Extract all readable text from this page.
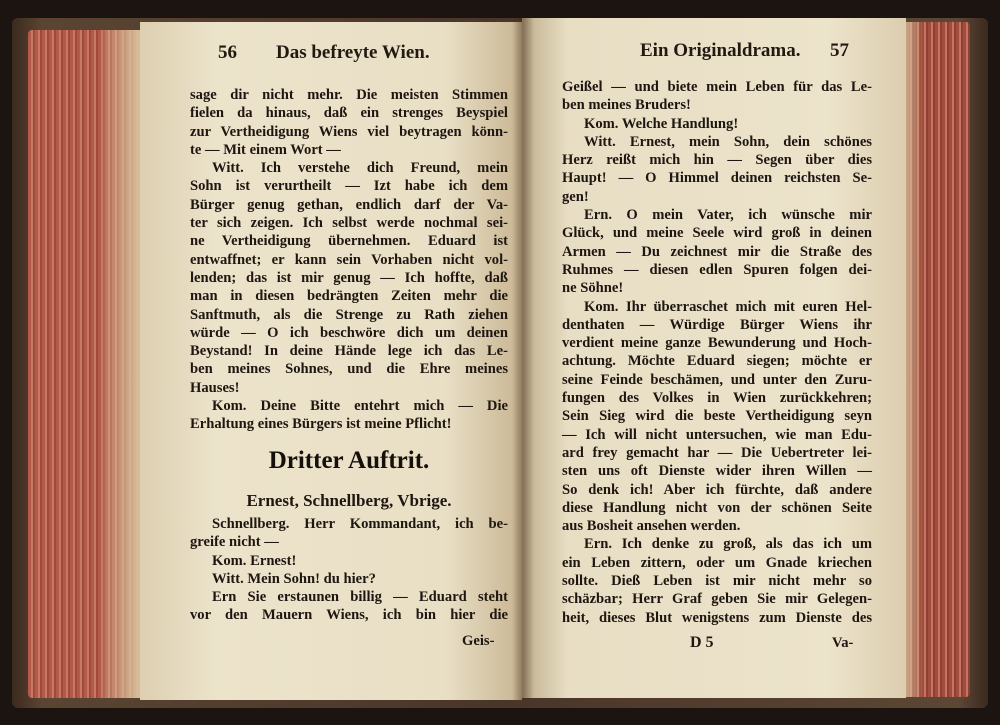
56 Das befreyte Wien.	Ein Originaldrama. 57
sage dir nicht mehr. Die meisten Stimmen
fielen da hinaus, daß ein strenges Beyspiel
zur Vertheidigung Wiens viel beytragen könn-
te — Mit einem Wort —
Witt. Ich verstehe dich Freund, mein
Sohn ist verurtheilt — Izt habe ich dem
Bürger genug gethan, endlich darf der Va-
ter sich zeigen. Ich selbst werde nochmal sei-
ne Vertheidigung übernehmen. Eduard ist
entwaffnet; er kann sein Vorhaben nicht vol-
lenden; das ist mir genug — Ich hoffte, daß
man in diesen bedrängten Zeiten mehr die
Sanftmuth, als die Strenge zu Rath ziehen
würde — O ich beschwöre dich um deinen
Beystand! In deine Hände lege ich das Le-
ben meines Sohnes, und die Ehre meines
Hauses!
Kom. Deine Bitte entehrt mich — Die
Erhaltung eines Bürgers ist meine Pflicht!
Dritter Auftrit.
Ernest, Schnellberg, Vbrige.
Schnellberg. Herr Kommandant, ich be-
greife nicht —
Kom. Ernest!
Witt. Mein Sohn! du hier?
Ern Sie erstaunen billig — Eduard steht
vor den Mauern Wiens, ich bin hier die
Geis-
Geißel — und biete mein Leben für das Le-
ben meines Bruders!
Kom. Welche Handlung!
Witt. Ernest, mein Sohn, dein schönes
Herz reißt mich hin — Segen über dies
Haupt! — O Himmel deinen reichsten Se-
gen!
Ern. O mein Vater, ich wünsche mir
Glück, und meine Seele wird groß in deinen
Armen — Du zeichnest mir die Straße des
Ruhmes — diesen edlen Spuren folgen dei-
ne Söhne!
Kom. Ihr überraschet mich mit euren Hel-
denthaten — Würdige Bürger Wiens ihr
verdient meine ganze Bewunderung und Hoch-
achtung. Möchte Eduard siegen; möchte er
seine Feinde beschämen, und unter den Zuru-
fungen des Volkes in Wien zurückkehren;
Sein Sieg wird die beste Vertheidigung seyn
— Ich will nicht untersuchen, wie man Edu-
ard frey gemacht har — Die Uebertreter lei-
sten uns oft Dienste wider ihren Willen —
So denk ich! Aber ich fürchte, daß andere
diese Handlung nicht von der schönen Seite
aus Bosheit ansehen werden.
Ern. Ich denke zu groß, als das ich um
ein Leben zittern, oder um Gnade kriechen
sollte. Dieß Leben ist mir nicht mehr so
schäzbar; Herr Graf geben Sie mir Gelegen-
heit, dieses Blut wenigstens zum Dienste des
D 5	Va-
